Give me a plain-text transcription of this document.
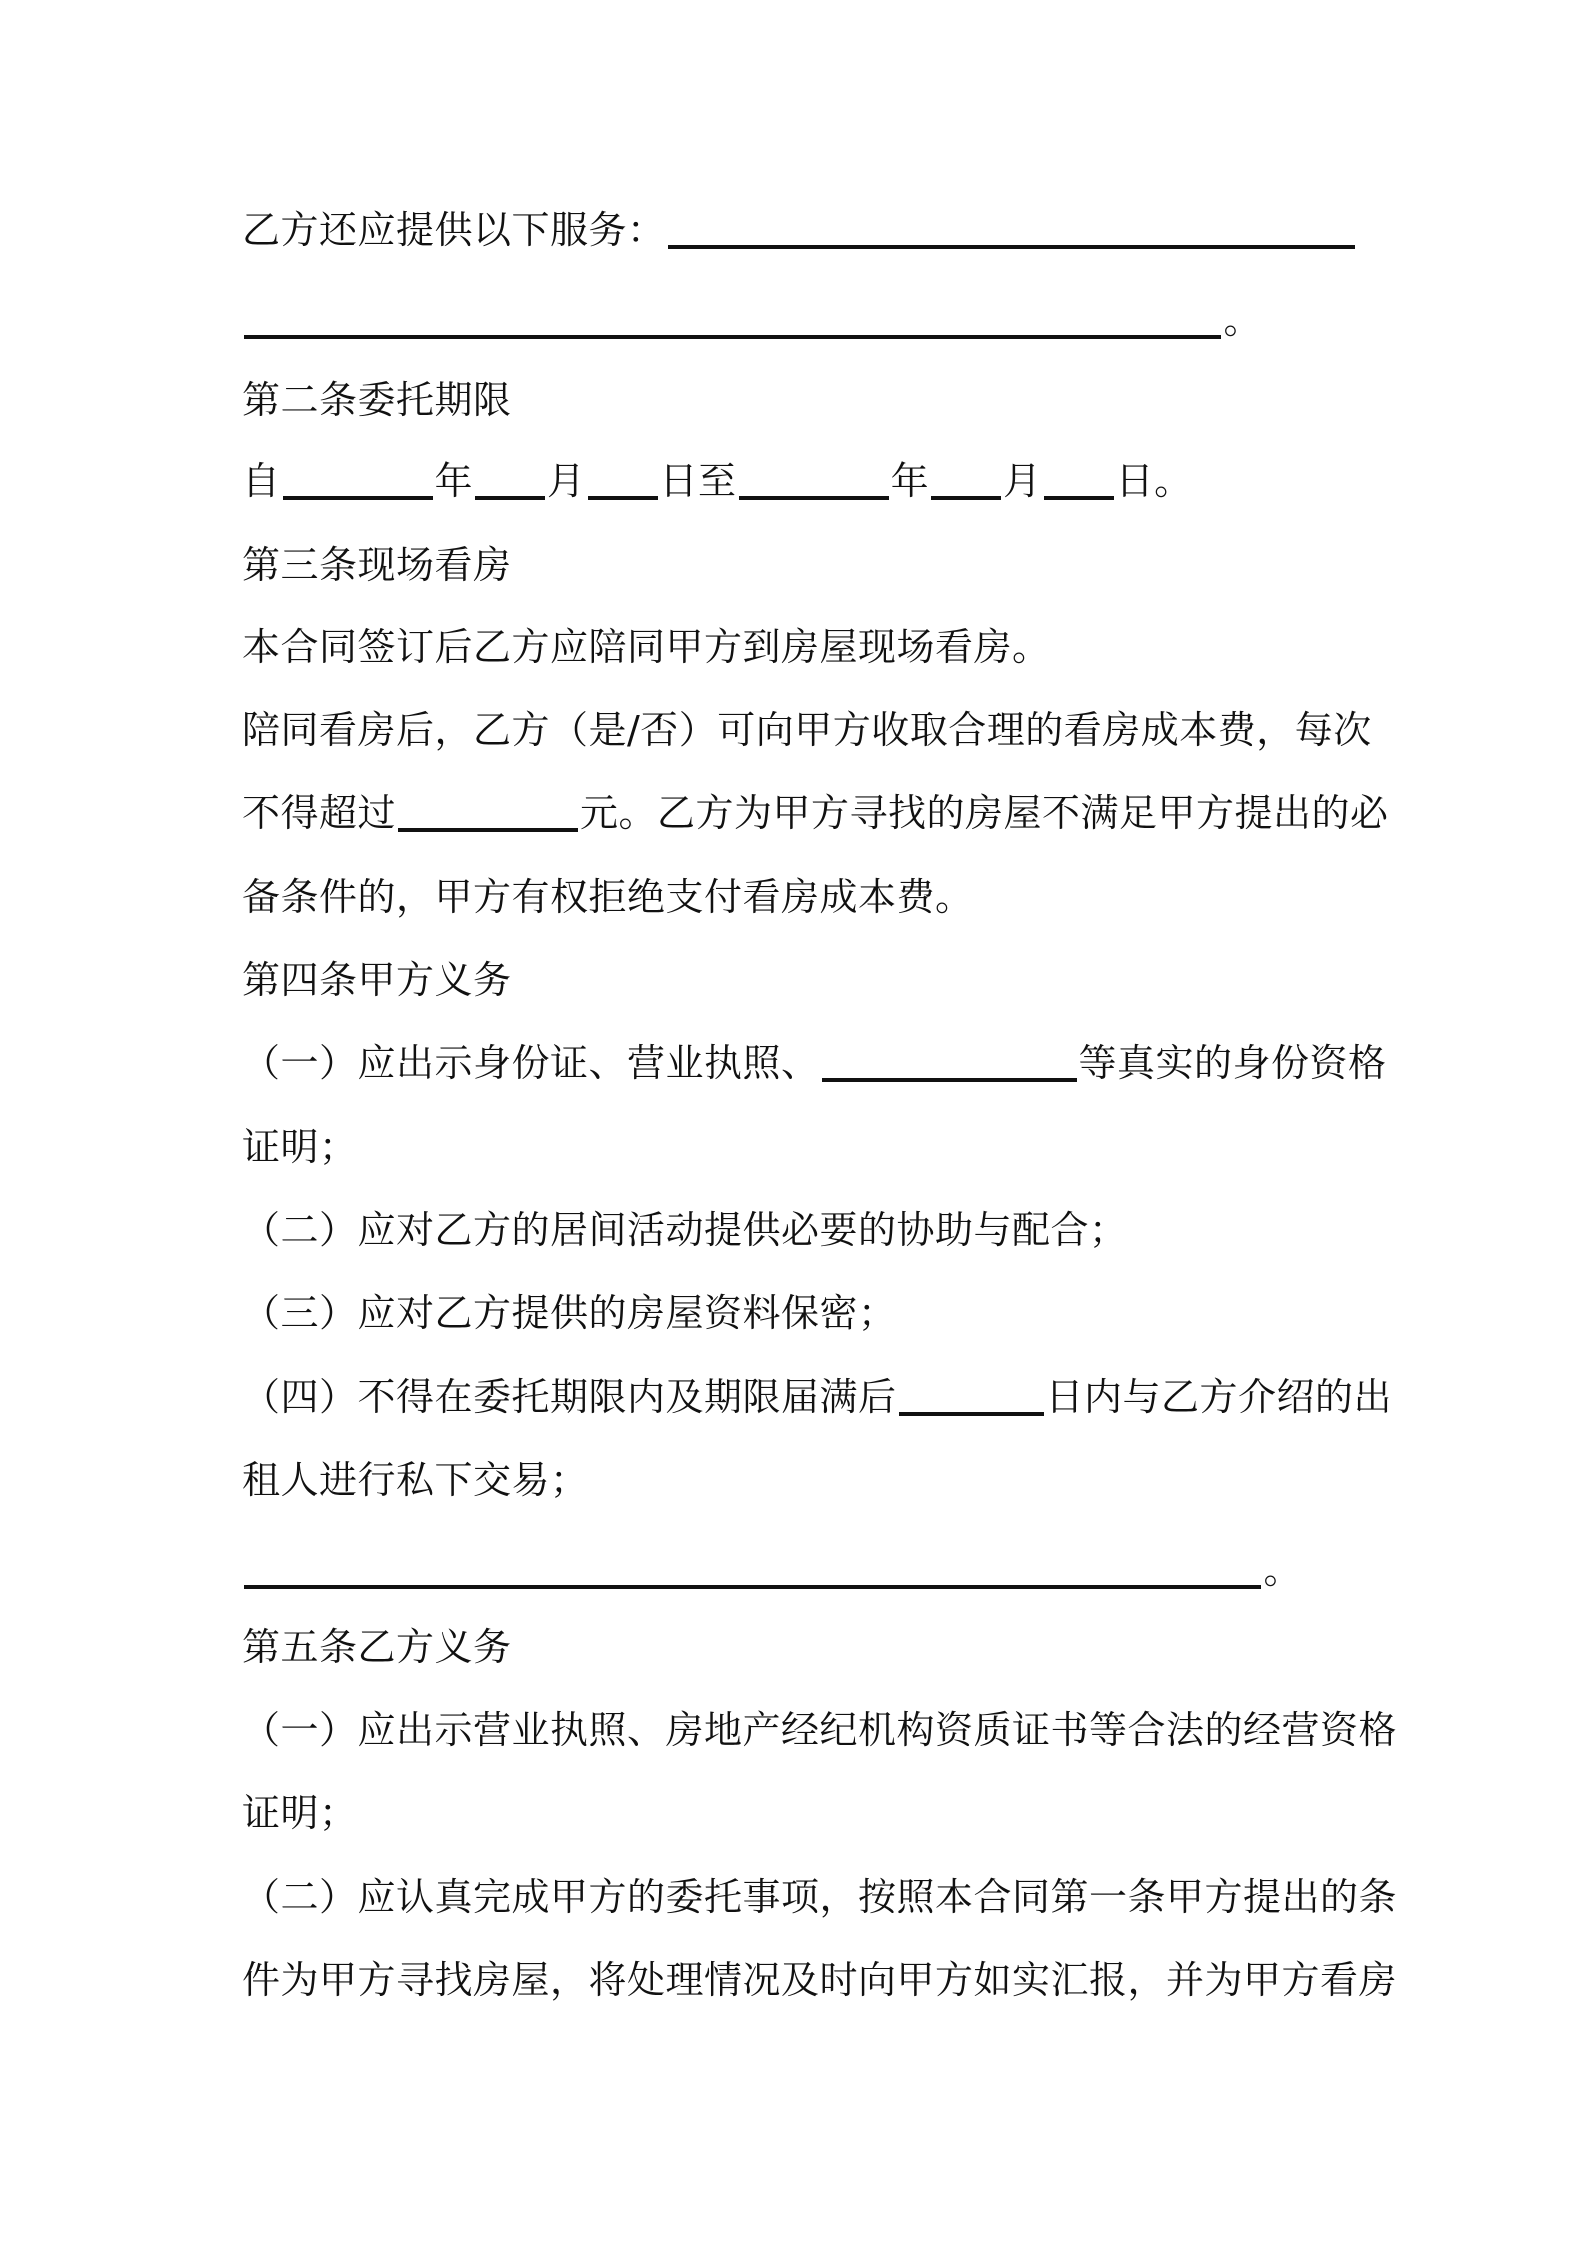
乙方还应提供以下服务：
。
第二条委托期限
自	年 月 日至	年 月 日。
第三条现场看房
本合同签订后乙方应陪同甲方到房屋现场看房。
陪同看房后，乙方（是/否）可向甲方收取合理的看房成本费，每次
不得超过	元。乙方为甲方寻找的房屋不满足甲方提出的必
备条件的，甲方有权拒绝支付看房成本费。
第四条甲方义务
（一）应出示身份证、营业执照、	等真实的身份资格
证明；
（二）应对乙方的居间活动提供必要的协助与配合；
（三）应对乙方提供的房屋资料保密；
（四）不得在委托期限内及期限届满后	日内与乙方介绍的出
租人进行私下交易；
。
第五条乙方义务
（一）应出示营业执照、房地产经纪机构资质证书等合法的经营资格
证明；
（二）应认真完成甲方的委托事项，按照本合同第一条甲方提出的条
件为甲方寻找房屋，将处理情况及时向甲方如实汇报，并为甲方看房
